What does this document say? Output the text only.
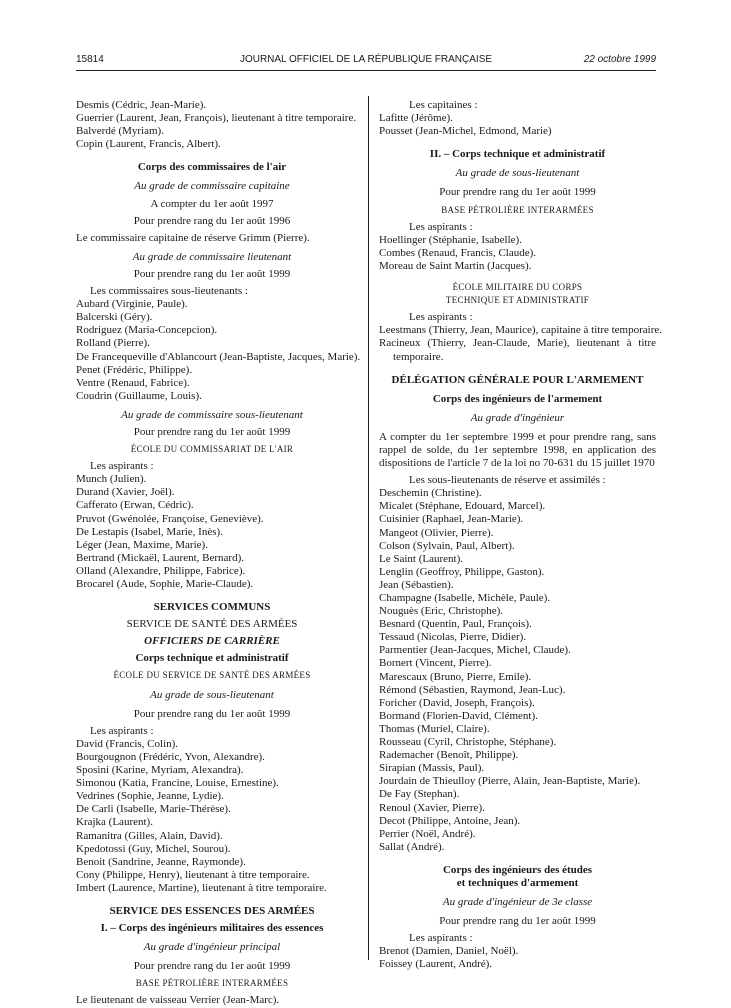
15814	JOURNAL OFFICIEL DE LA RÉPUBLIQUE FRANÇAISE	22 octobre 1999
Desmis (Cédric, Jean-Marie).
Guerrier (Laurent, Jean, François), lieutenant à titre temporaire.
Balverdé (Myriam).
Copin (Laurent, Francis, Albert).
Corps des commissaires de l'air
Au grade de commissaire capitaine
A compter du 1er août 1997
Pour prendre rang du 1er août 1996
Le commissaire capitaine de réserve Grimm (Pierre).
Au grade de commissaire lieutenant
Pour prendre rang du 1er août 1999
Les commissaires sous-lieutenants :
Aubard (Virginie, Paule).
Balcerski (Géry).
Rodriguez (Maria-Concepcion).
Rolland (Pierre).
De Francequeville d'Ablancourt (Jean-Baptiste, Jacques, Marie).
Penet (Frédéric, Philippe).
Ventre (Renaud, Fabrice).
Coudrin (Guillaume, Louis).
Au grade de commissaire sous-lieutenant
Pour prendre rang du 1er août 1999
ÉCOLE DU COMMISSARIAT DE L'AIR
Les aspirants :
Munch (Julien).
Durand (Xavier, Joël).
Cafferato (Erwan, Cédric).
Pruvot (Gwénolée, Françoise, Geneviève).
De Lestapis (Isabel, Marie, Inès).
Léger (Jean, Maxime, Marie).
Bertrand (Mickaël, Laurent, Bernard).
Olland (Alexandre, Philippe, Fabrice).
Brocarel (Aude, Sophie, Marie-Claude).
SERVICES COMMUNS
SERVICE DE SANTÉ DES ARMÉES
OFFICIERS DE CARRIÈRE
Corps technique et administratif
ÉCOLE DU SERVICE DE SANTÉ DES ARMÉES
Au grade de sous-lieutenant
Pour prendre rang du 1er août 1999
Les aspirants :
David (Francis, Colin).
Bourgougnon (Frédéric, Yvon, Alexandre).
Sposini (Karine, Myriam, Alexandra).
Simonou (Katia, Francine, Louise, Ernestine).
Vedrines (Sophie, Jeanne, Lydie).
De Carli (Isabelle, Marie-Thérèse).
Krajka (Laurent).
Ramanitra (Gilles, Alain, David).
Kpedotossi (Guy, Michel, Sourou).
Benoit (Sandrine, Jeanne, Raymonde).
Cony (Philippe, Henry), lieutenant à titre temporaire.
Imbert (Laurence, Martine), lieutenant à titre temporaire.
SERVICE DES ESSENCES DES ARMÉES
I. – Corps des ingénieurs militaires des essences
Au grade d'ingénieur principal
Pour prendre rang du 1er août 1999
BASE PÉTROLIÈRE INTERARMÉES
Le lieutenant de vaisseau Verrier (Jean-Marc).
Les capitaines :
Lafitte (Jérôme).
Pousset (Jean-Michel, Edmond, Marie)
II. – Corps technique et administratif
Au grade de sous-lieutenant
Pour prendre rang du 1er août 1999
BASE PÉTROLIÈRE INTERARMÉES
Les aspirants :
Hoellinger (Stéphanie, Isabelle).
Combes (Renaud, Francis, Claude).
Moreau de Saint Martin (Jacques).
ÉCOLE MILITAIRE DU CORPS
TECHNIQUE ET ADMINISTRATIF
Les aspirants :
Leestmans (Thierry, Jean, Maurice), capitaine à titre temporaire.
Racineux (Thierry, Jean-Claude, Marie), lieutenant à titre temporaire.
DÉLÉGATION GÉNÉRALE POUR L'ARMEMENT
Corps des ingénieurs de l'armement
Au grade d'ingénieur
A compter du 1er septembre 1999 et pour prendre rang, sans rappel de solde, du 1er septembre 1998, en application des dispositions de l'article 7 de la loi no 70-631 du 15 juillet 1970
Les sous-lieutenants de réserve et assimilés :
Deschemin (Christine).
Micalet (Stéphane, Edouard, Marcel).
Cuisinier (Raphael, Jean-Marie).
Mangeot (Olivier, Pierre).
Colson (Sylvain, Paul, Albert).
Le Saint (Laurent).
Lenglin (Geoffroy, Philippe, Gaston).
Jean (Sébastien).
Champagne (Isabelle, Michèle, Paule).
Nouguès (Eric, Christophe).
Besnard (Quentin, Paul, François).
Tessaud (Nicolas, Pierre, Didier).
Parmentier (Jean-Jacques, Michel, Claude).
Bornert (Vincent, Pierre).
Marescaux (Bruno, Pierre, Emile).
Rémond (Sébastien, Raymond, Jean-Luc).
Foricher (David, Joseph, François).
Bormand (Florien-David, Clément).
Thomas (Muriel, Claire).
Rousseau (Cyril, Christophe, Stéphane).
Rademacher (Benoît, Philippe).
Sirapian (Massis, Paul).
Jourdain de Thieulloy (Pierre, Alain, Jean-Baptiste, Marie).
De Fay (Stephan).
Renoul (Xavier, Pierre).
Decot (Philippe, Antoine, Jean).
Perrier (Noël, André).
Sallat (André).
Corps des ingénieurs des études
et techniques d'armement
Au grade d'ingénieur de 3e classe
Pour prendre rang du 1er août 1999
Les aspirants :
Brenot (Damien, Daniel, Noël).
Foissey (Laurent, André).
